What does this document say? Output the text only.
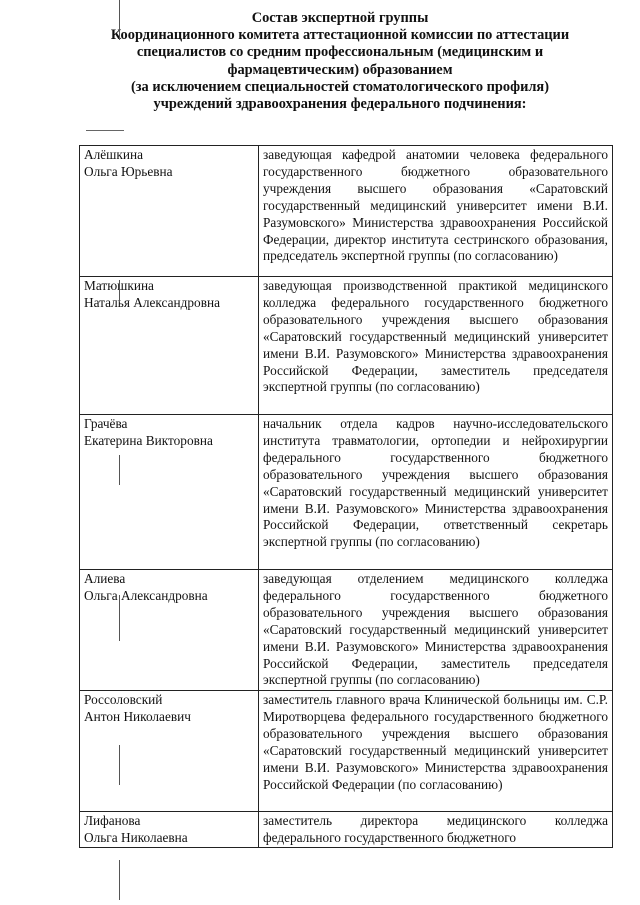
Состав экспертной группы
Координационного комитета аттестационной комиссии по аттестации
специалистов со средним профессиональным (медицинским и
фармацевтическим) образованием
(за исключением специальностей стоматологического профиля)
учреждений здравоохранения федерального подчинения:
Алёшкина
Ольга Юрьевна	заведующая кафедрой анатомии человека федерального государственного бюджетного образовательного учреждения высшего образования «Саратовский государственный медицинский университет имени В.И. Разумовского» Министерства здравоохранения Российской Федерации, директор института сестринского образования, председатель экспертной группы (по согласованию)

Матюшкина
Наталья Александровна	заведующая производственной практикой медицинского колледжа федерального государственного бюджетного образовательного учреждения высшего образования «Саратовский государственный медицинский университет имени В.И. Разумовского» Министерства здравоохранения Российской Федерации, заместитель председателя экспертной группы (по согласованию)

Грачёва
Екатерина Викторовна	начальник отдела кадров научно-исследовательского института травматологии, ортопедии и нейрохирургии федерального государственного бюджетного образовательного учреждения высшего образования «Саратовский государственный медицинский университет имени В.И. Разумовского» Министерства здравоохранения Российской Федерации, ответственный секретарь экспертной группы (по согласованию)

Алиева
Ольга Александровна	заведующая отделением медицинского колледжа федерального государственного бюджетного образовательного учреждения высшего образования «Саратовский государственный медицинский университет имени В.И. Разумовского» Министерства здравоохранения Российской Федерации, заместитель председателя экспертной группы (по согласованию)

Россоловский
Антон Николаевич	заместитель главного врача Клинической больницы им. С.Р. Миротворцева федерального государственного бюджетного образовательного учреждения высшего образования «Саратовский государственный медицинский университет имени В.И. Разумовского» Министерства здравоохранения Российской Федерации (по согласованию)

Лифанова
Ольга Николаевна	заместитель директора медицинского колледжа федерального государственного бюджетного
